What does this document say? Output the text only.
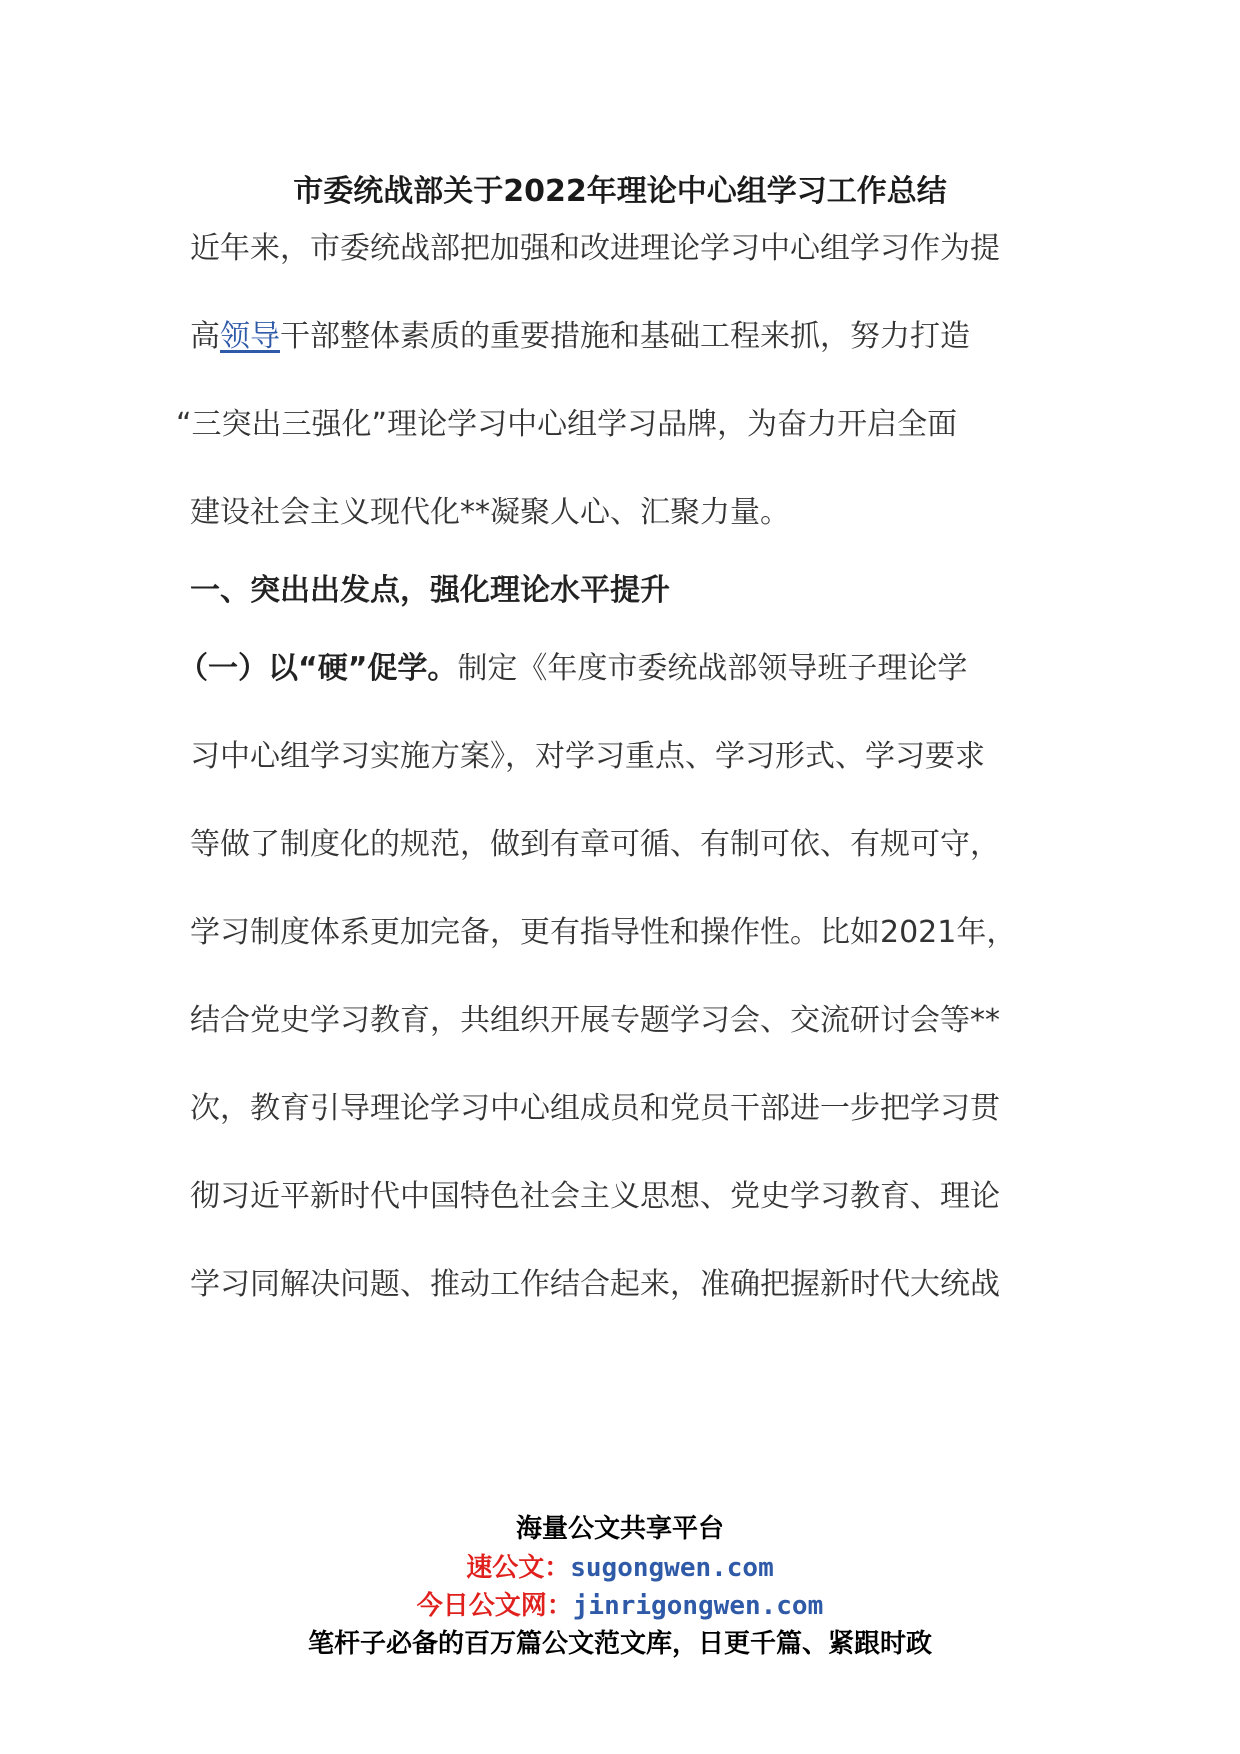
市委统战部关于2022年理论中心组学习工作总结
近年来，市委统战部把加强和改进理论学习中心组学习作为提
高领导干部整体素质的重要措施和基础工程来抓，努力打造
“三突出三强化”理论学习中心组学习品牌，为奋力开启全面
建设社会主义现代化**凝聚人心、汇聚力量。
一、突出出发点，强化理论水平提升
（一）以“硬”促学。制定《年度市委统战部领导班子理论学
习中心组学习实施方案》，对学习重点、学习形式、学习要求
等做了制度化的规范，做到有章可循、有制可依、有规可守，
学习制度体系更加完备，更有指导性和操作性。比如2021年，
结合党史学习教育，共组织开展专题学习会、交流研讨会等**
次，教育引导理论学习中心组成员和党员干部进一步把学习贯
彻习近平新时代中国特色社会主义思想、党史学习教育、理论
学习同解决问题、推动工作结合起来，准确把握新时代大统战
海量公文共享平台
速公文：sugongwen.com
今日公文网：jinrigongwen.com
笔杆子必备的百万篇公文范文库，日更千篇、紧跟时政
